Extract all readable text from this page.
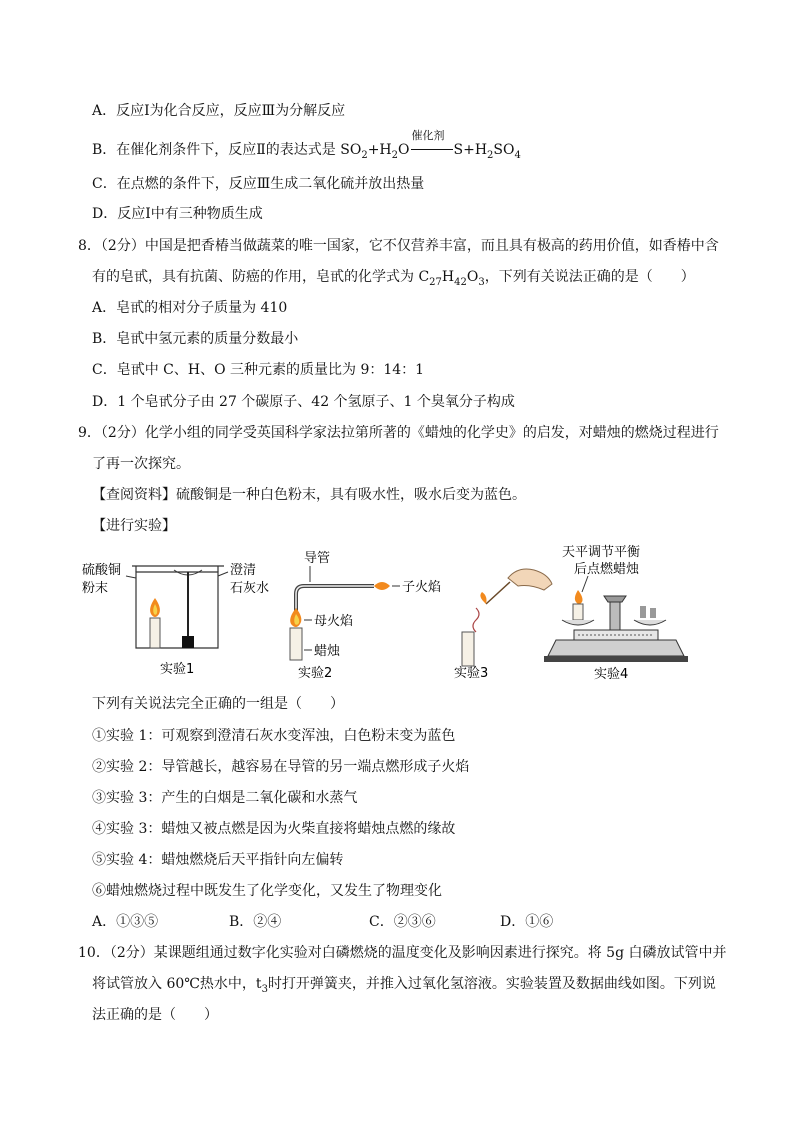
A．反应Ⅰ为化合反应，反应Ⅲ为分解反应
B．在催化剂条件下，反应Ⅱ的表达式是 $SO_2+H_2O$
催化剂
$S+H_2SO_4$
C．在点燃的条件下，反应Ⅲ生成二氧化硫并放出热量
D．反应Ⅰ中有三种物质生成
8．（2分）中国是把香椿当做蔬菜的唯一国家，它不仅营养丰富，而且具有极高的药用价值，如香椿中含
有的皂甙，具有抗菌、防癌的作用，皂甙的化学式为 $C_{27}H_{42}O_3$，下列有关说法正确的是（　　）
A．皂甙的相对分子质量为 410
B．皂甙中氢元素的质量分数最小
C．皂甙中 C、H、O 三种元素的质量比为 9：14：1
D．1 个皂甙分子由 27 个碳原子、42 个氢原子、1 个臭氧分子构成
9．（2分）化学小组的同学受英国科学家法拉第所著的《蜡烛的化学史》的启发，对蜡烛的燃烧过程进行
了再一次探究。
【查阅资料】硫酸铜是一种白色粉末，具有吸水性，吸水后变为蓝色。
【进行实验】
硫酸铜
粉末
澄清
石灰水
实验1
导管
子火焰
母火焰
蜡烛
实验2	实验3
天平调节平衡
后点燃蜡烛
实验4
下列有关说法完全正确的一组是（　　）
①实验 1：可观察到澄清石灰水变浑浊，白色粉末变为蓝色
②实验 2：导管越长，越容易在导管的另一端点燃形成子火焰
③实验 3：产生的白烟是二氧化碳和水蒸气
④实验 3：蜡烛又被点燃是因为火柴直接将蜡烛点燃的缘故
⑤实验 4：蜡烛燃烧后天平指针向左偏转
⑥蜡烛燃烧过程中既发生了化学变化，又发生了物理变化
A．①③⑤	B．②④	C．②③⑥	D．①⑥
10．（2分）某课题组通过数字化实验对白磷燃烧的温度变化及影响因素进行探究。将 5g 白磷放试管中并
将试管放入 60℃热水中，$t_3$时打开弹簧夹，并推入过氧化氢溶液。实验装置及数据曲线如图。下列说
法正确的是（　　）
